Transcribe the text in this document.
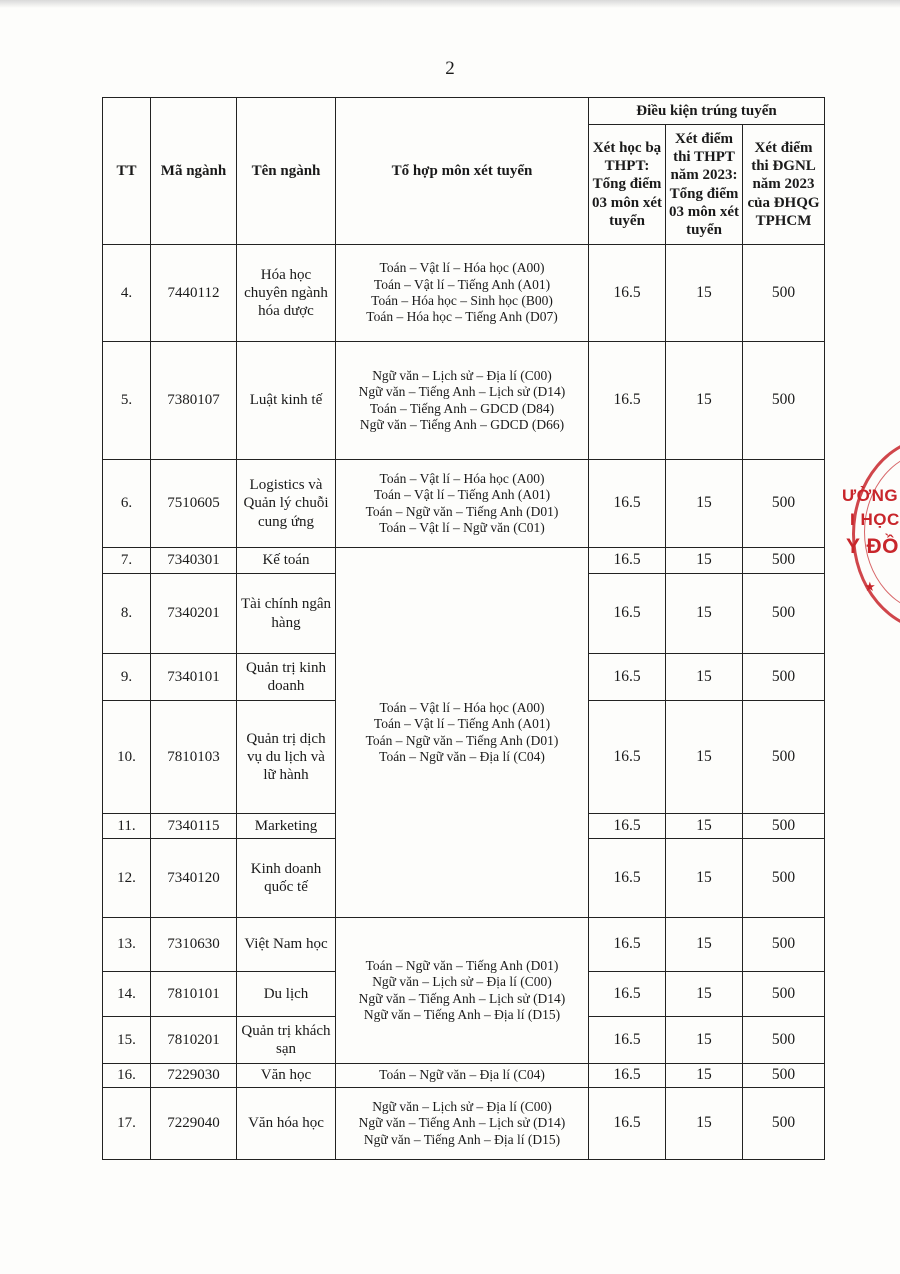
2
TT	Mã ngành	Tên ngành	Tổ hợp môn xét tuyển	Điều kiện trúng tuyển		
				Xét học bạ THPT: Tổng điểm 03 môn xét tuyển	Xét điểm thi THPT năm 2023: Tổng điểm 03 môn xét tuyển	Xét điểm thi ĐGNL năm 2023 của ĐHQG TPHCM
4.	7440112	Hóa học chuyên ngành hóa dược	Toán – Vật lí – Hóa học (A00)
Toán – Vật lí – Tiếng Anh (A01)
Toán – Hóa học – Sinh học (B00)
Toán – Hóa học – Tiếng Anh (D07)	16.5	15	500
5.	7380107	Luật kinh tế	Ngữ văn – Lịch sử – Địa lí (C00)
Ngữ văn – Tiếng Anh – Lịch sử (D14)
Toán – Tiếng Anh – GDCD (D84)
Ngữ văn – Tiếng Anh – GDCD (D66)	16.5	15	500
6.	7510605	Logistics và Quản lý chuỗi cung ứng	Toán – Vật lí – Hóa học (A00)
Toán – Vật lí – Tiếng Anh (A01)
Toán – Ngữ văn – Tiếng Anh (D01)
Toán – Vật lí – Ngữ văn (C01)	16.5	15	500
7.	7340301	Kế toán	Toán – Vật lí – Hóa học (A00)
Toán – Vật lí – Tiếng Anh (A01)
Toán – Ngữ văn – Tiếng Anh (D01)
Toán – Ngữ văn – Địa lí (C04)	16.5	15	500
8.	7340201	Tài chính ngân hàng		16.5	15	500
9.	7340101	Quản trị kinh doanh		16.5	15	500
10.	7810103	Quản trị dịch vụ du lịch và lữ hành		16.5	15	500
11.	7340115	Marketing		16.5	15	500
12.	7340120	Kinh doanh quốc tế		16.5	15	500
13.	7310630	Việt Nam học	Toán – Ngữ văn – Tiếng Anh (D01)
Ngữ văn – Lịch sử – Địa lí (C00)
Ngữ văn – Tiếng Anh – Lịch sử (D14)
Ngữ văn – Tiếng Anh – Địa lí (D15)	16.5	15	500
14.	7810101	Du lịch		16.5	15	500
15.	7810201	Quản trị khách sạn		16.5	15	500
16.	7229030	Văn học	Toán – Ngữ văn – Địa lí (C04)	16.5	15	500
17.	7229040	Văn hóa học	Ngữ văn – Lịch sử – Địa lí (C00)
Ngữ văn – Tiếng Anh – Lịch sử (D14)
Ngữ văn – Tiếng Anh – Địa lí (D15)	16.5	15	500
ƯỜNG
I HỌC
Y ĐỒ
★
